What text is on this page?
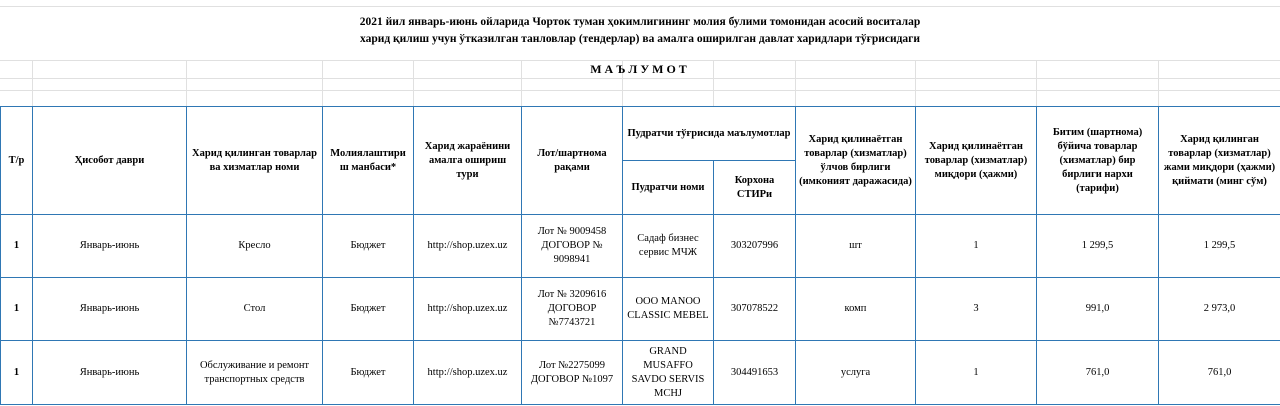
2021 йил январь-июнь ойларида Чорток туман ҳокимлигининг молия булими томонидан асосий воситалар
харид қилиш учун ўтказилган танловлар (тендерлар) ва амалга оширилган давлат харидлари тўғрисидаги
МАЪЛУМОТ
Т/р	Ҳисобот даври	Харид қилинган товарлар ва хизматлар номи	Молиялаштири ш манбаси*	Харид жараёнини амалга ошириш тури	Лот/шартнома рақами	Пудратчи тўғрисида маълумотлар		Харид қилинаётган товарлар (хизматлар) ўлчов бирлиги (имконият даражасида)	Харид қилинаётган товарлар (хизматлар) миқдори (ҳажми)	Битим (шартнома) бўйича товарлар (хизматлар) бир бирлиги нархи (тарифи)	Харид қилинган товарлар (хизматлар) жами миқдори (ҳажми) қиймати (минг сўм)
						Пудратчи номи	Корхона СТИРи				
1	Январь-июнь	Кресло	Бюджет	http://shop.uzex.uz	Лот № 9009458 ДОГОВОР № 9098941	Садаф бизнес сервис МЧЖ	303207996	шт	1	1 299,5	1 299,5
1	Январь-июнь	Стол	Бюджет	http://shop.uzex.uz	Лот № 3209616 ДОГОВОР №7743721	ООО MANOO CLASSIC MEBEL	307078522	комп	3	991,0	2 973,0
1	Январь-июнь	Обслуживание и ремонт транспортных средств	Бюджет	http://shop.uzex.uz	Лот №2275099 ДОГОВОР №1097	GRAND MUSAFFO SAVDO SERVIS MCHJ	304491653	услуга	1	761,0	761,0
